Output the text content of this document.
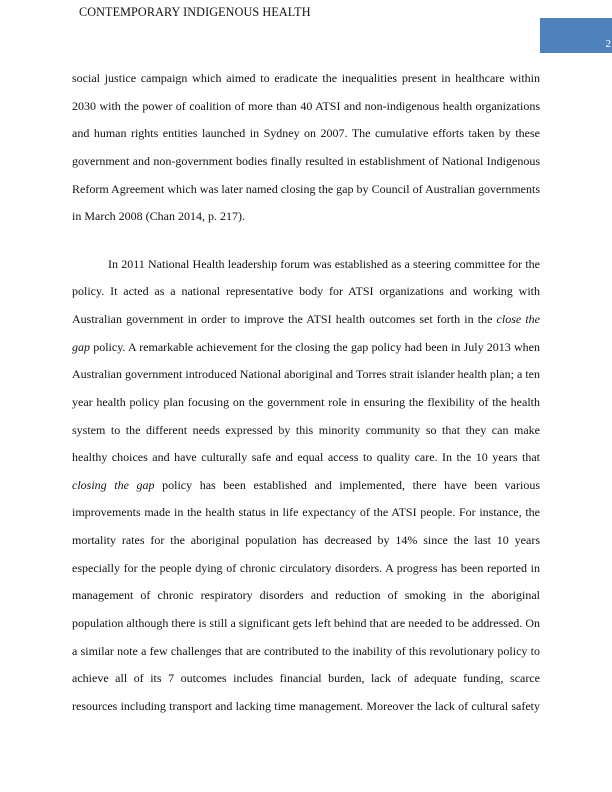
CONTEMPORARY INDIGENOUS HEALTH
2

social justice campaign which aimed to eradicate the inequalities present in healthcare within 2030 with the power of coalition of more than 40 ATSI and non-indigenous health organizations and human rights entities launched in Sydney on 2007. The cumulative efforts taken by these government and non-government bodies finally resulted in establishment of National Indigenous Reform Agreement which was later named closing the gap by Council of Australian governments in March 2008 (Chan 2014, p. 217).

In 2011 National Health leadership forum was established as a steering committee for the policy. It acted as a national representative body for ATSI organizations and working with Australian government in order to improve the ATSI health outcomes set forth in the close the gap policy. A remarkable achievement for the closing the gap policy had been in July 2013 when Australian government introduced National aboriginal and Torres strait islander health plan; a ten year health policy plan focusing on the government role in ensuring the flexibility of the health system to the different needs expressed by this minority community so that they can make healthy choices and have culturally safe and equal access to quality care. In the 10 years that closing the gap policy has been established and implemented, there have been various improvements made in the health status in life expectancy of the ATSI people. For instance, the mortality rates for the aboriginal population has decreased by 14% since the last 10 years especially for the people dying of chronic circulatory disorders. A progress has been reported in management of chronic respiratory disorders and reduction of smoking in the aboriginal population although there is still a significant gets left behind that are needed to be addressed. On a similar note a few challenges that are contributed to the inability of this revolutionary policy to achieve all of its 7 outcomes includes financial burden, lack of adequate funding, scarce resources including transport and lacking time management. Moreover the lack of cultural safety
